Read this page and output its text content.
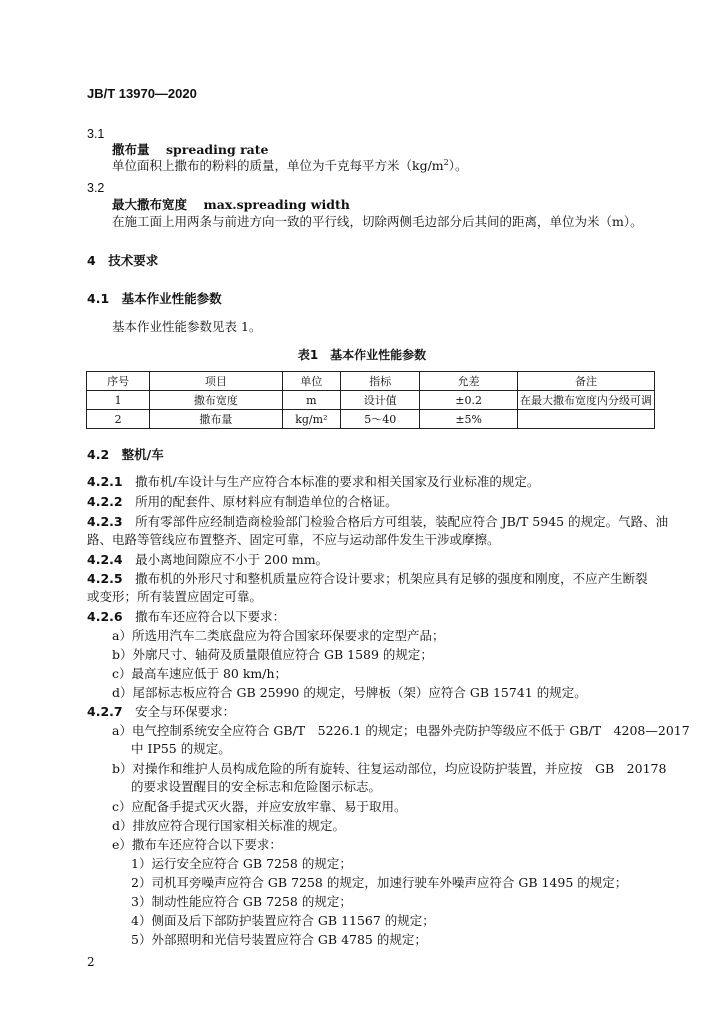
JB/T 13970—2020
3.1
撒布量　 spreading rate
单位面积上撒布的粉料的质量，单位为千克每平方米$(kg/m^2)$。
3.2
最大撒布宽度　 max.spreading width
在施工面上用两条与前进方向一致的平行线，切除两侧毛边部分后其间的距离，单位为米（m）。
4　 技术要求
4.1　 基本作业性能参数
基本作业性能参数见表 1。
表1　基本作业性能参数
序号	项目	单位	指标	允差	备注
1	撒布宽度	m	设计值	±0.2	在最大撒布宽度内分级可调
2	撒布量	kg/m²	5～40	±5%	
4.2　 整机/车
4.2.1　 撒布机/车设计与生产应符合本标准的要求和相关国家及行业标准的规定。
4.2.2　 所用的配套件、原材料应有制造单位的合格证。
4.2.3　 所有零部件应经制造商检验部门检验合格后方可组装，装配应符合 JB/T 5945 的规定。气路、油
路、电路等管线应布置整齐、固定可靠，不应与运动部件发生干涉或摩擦。
4.2.4　 最小离地间隙应不小于 200 mm。
4.2.5　 撒布机的外形尺寸和整机质量应符合设计要求；机架应具有足够的强度和刚度，不应产生断裂
或变形；所有装置应固定可靠。
4.2.6　 撒布车还应符合以下要求：
a）所选用汽车二类底盘应为符合国家环保要求的定型产品；
b）外廓尺寸、轴荷及质量限值应符合 GB 1589 的规定；
c）最高车速应低于 80 km/h；
d）尾部标志板应符合 GB 25990 的规定，号牌板（架）应符合 GB 15741 的规定。
4.2.7　 安全与环保要求：
a）电气控制系统安全应符合 GB/T　5226.1 的规定；电器外壳防护等级应不低于 GB/T　4208—2017
中 IP55 的规定。
b）对操作和维护人员构成危险的所有旋转、往复运动部位，均应设防护装置，并应按　GB　20178
的要求设置醒目的安全标志和危险图示标志。
c）应配备手提式灭火器，并应安放牢靠、易于取用。
d）排放应符合现行国家相关标准的规定。
e）撒布车还应符合以下要求：
1）运行安全应符合 GB 7258 的规定；
2）司机耳旁噪声应符合 GB 7258 的规定，加速行驶车外噪声应符合 GB 1495 的规定；
3）制动性能应符合 GB 7258 的规定；
4）侧面及后下部防护装置应符合 GB 11567 的规定；
5）外部照明和光信号装置应符合 GB 4785 的规定；
2
